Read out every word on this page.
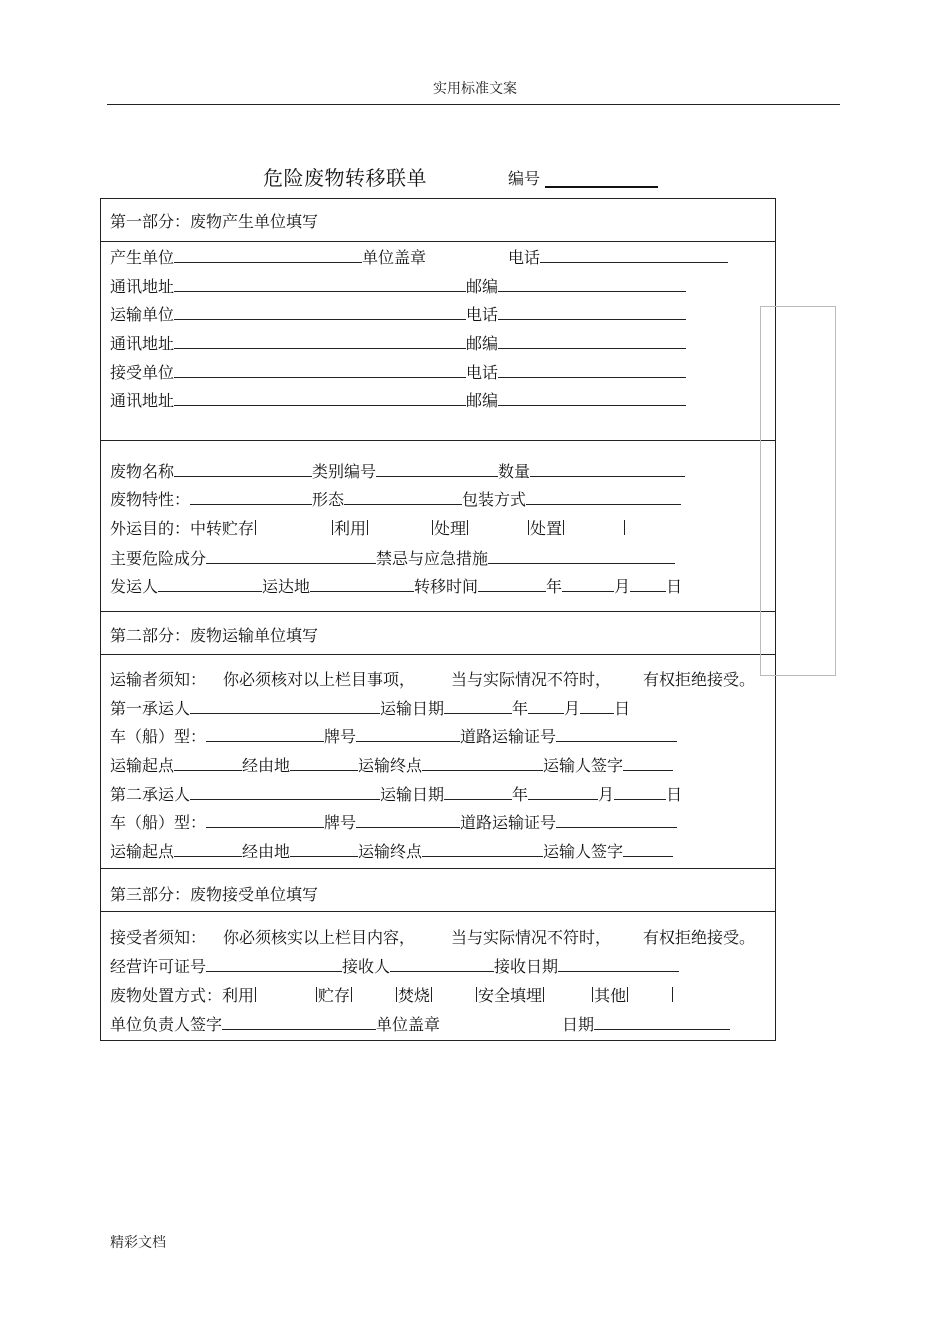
实用标准文案
危险废物转移联单	编号
第一部分：废物产生单位填写
产生单位	单位盖章	电话
通讯地址	邮编
运输单位	电话
通讯地址	邮编
接受单位	电话
通讯地址	邮编
废物名称	类别编号	数量
废物特性：	形态	包装方式
外运目的：中转贮存	利用	处理	处置
主要危险成分	禁忌与应急措施
发运人	运达地	转移时间	年	月 日
第二部分：废物运输单位填写
运输者须知： 你必须核对以上栏目事项， 当与实际情况不符时， 有权拒绝接受。
第一承运人	运输日期	年 月 日
车（船）型：	牌号	道路运输证号
运输起点	经由地	运输终点	运输人签字
第二承运人	运输日期	年	月	日
车（船）型：	牌号	道路运输证号
运输起点	经由地	运输终点	运输人签字
第三部分：废物接受单位填写
接受者须知： 你必须核实以上栏目内容， 当与实际情况不符时， 有权拒绝接受。
经营许可证号	接收人	接收日期
废物处置方式：利用	贮存	焚烧	安全填埋	其他
单位负责人签字	单位盖章	日期
精彩文档
